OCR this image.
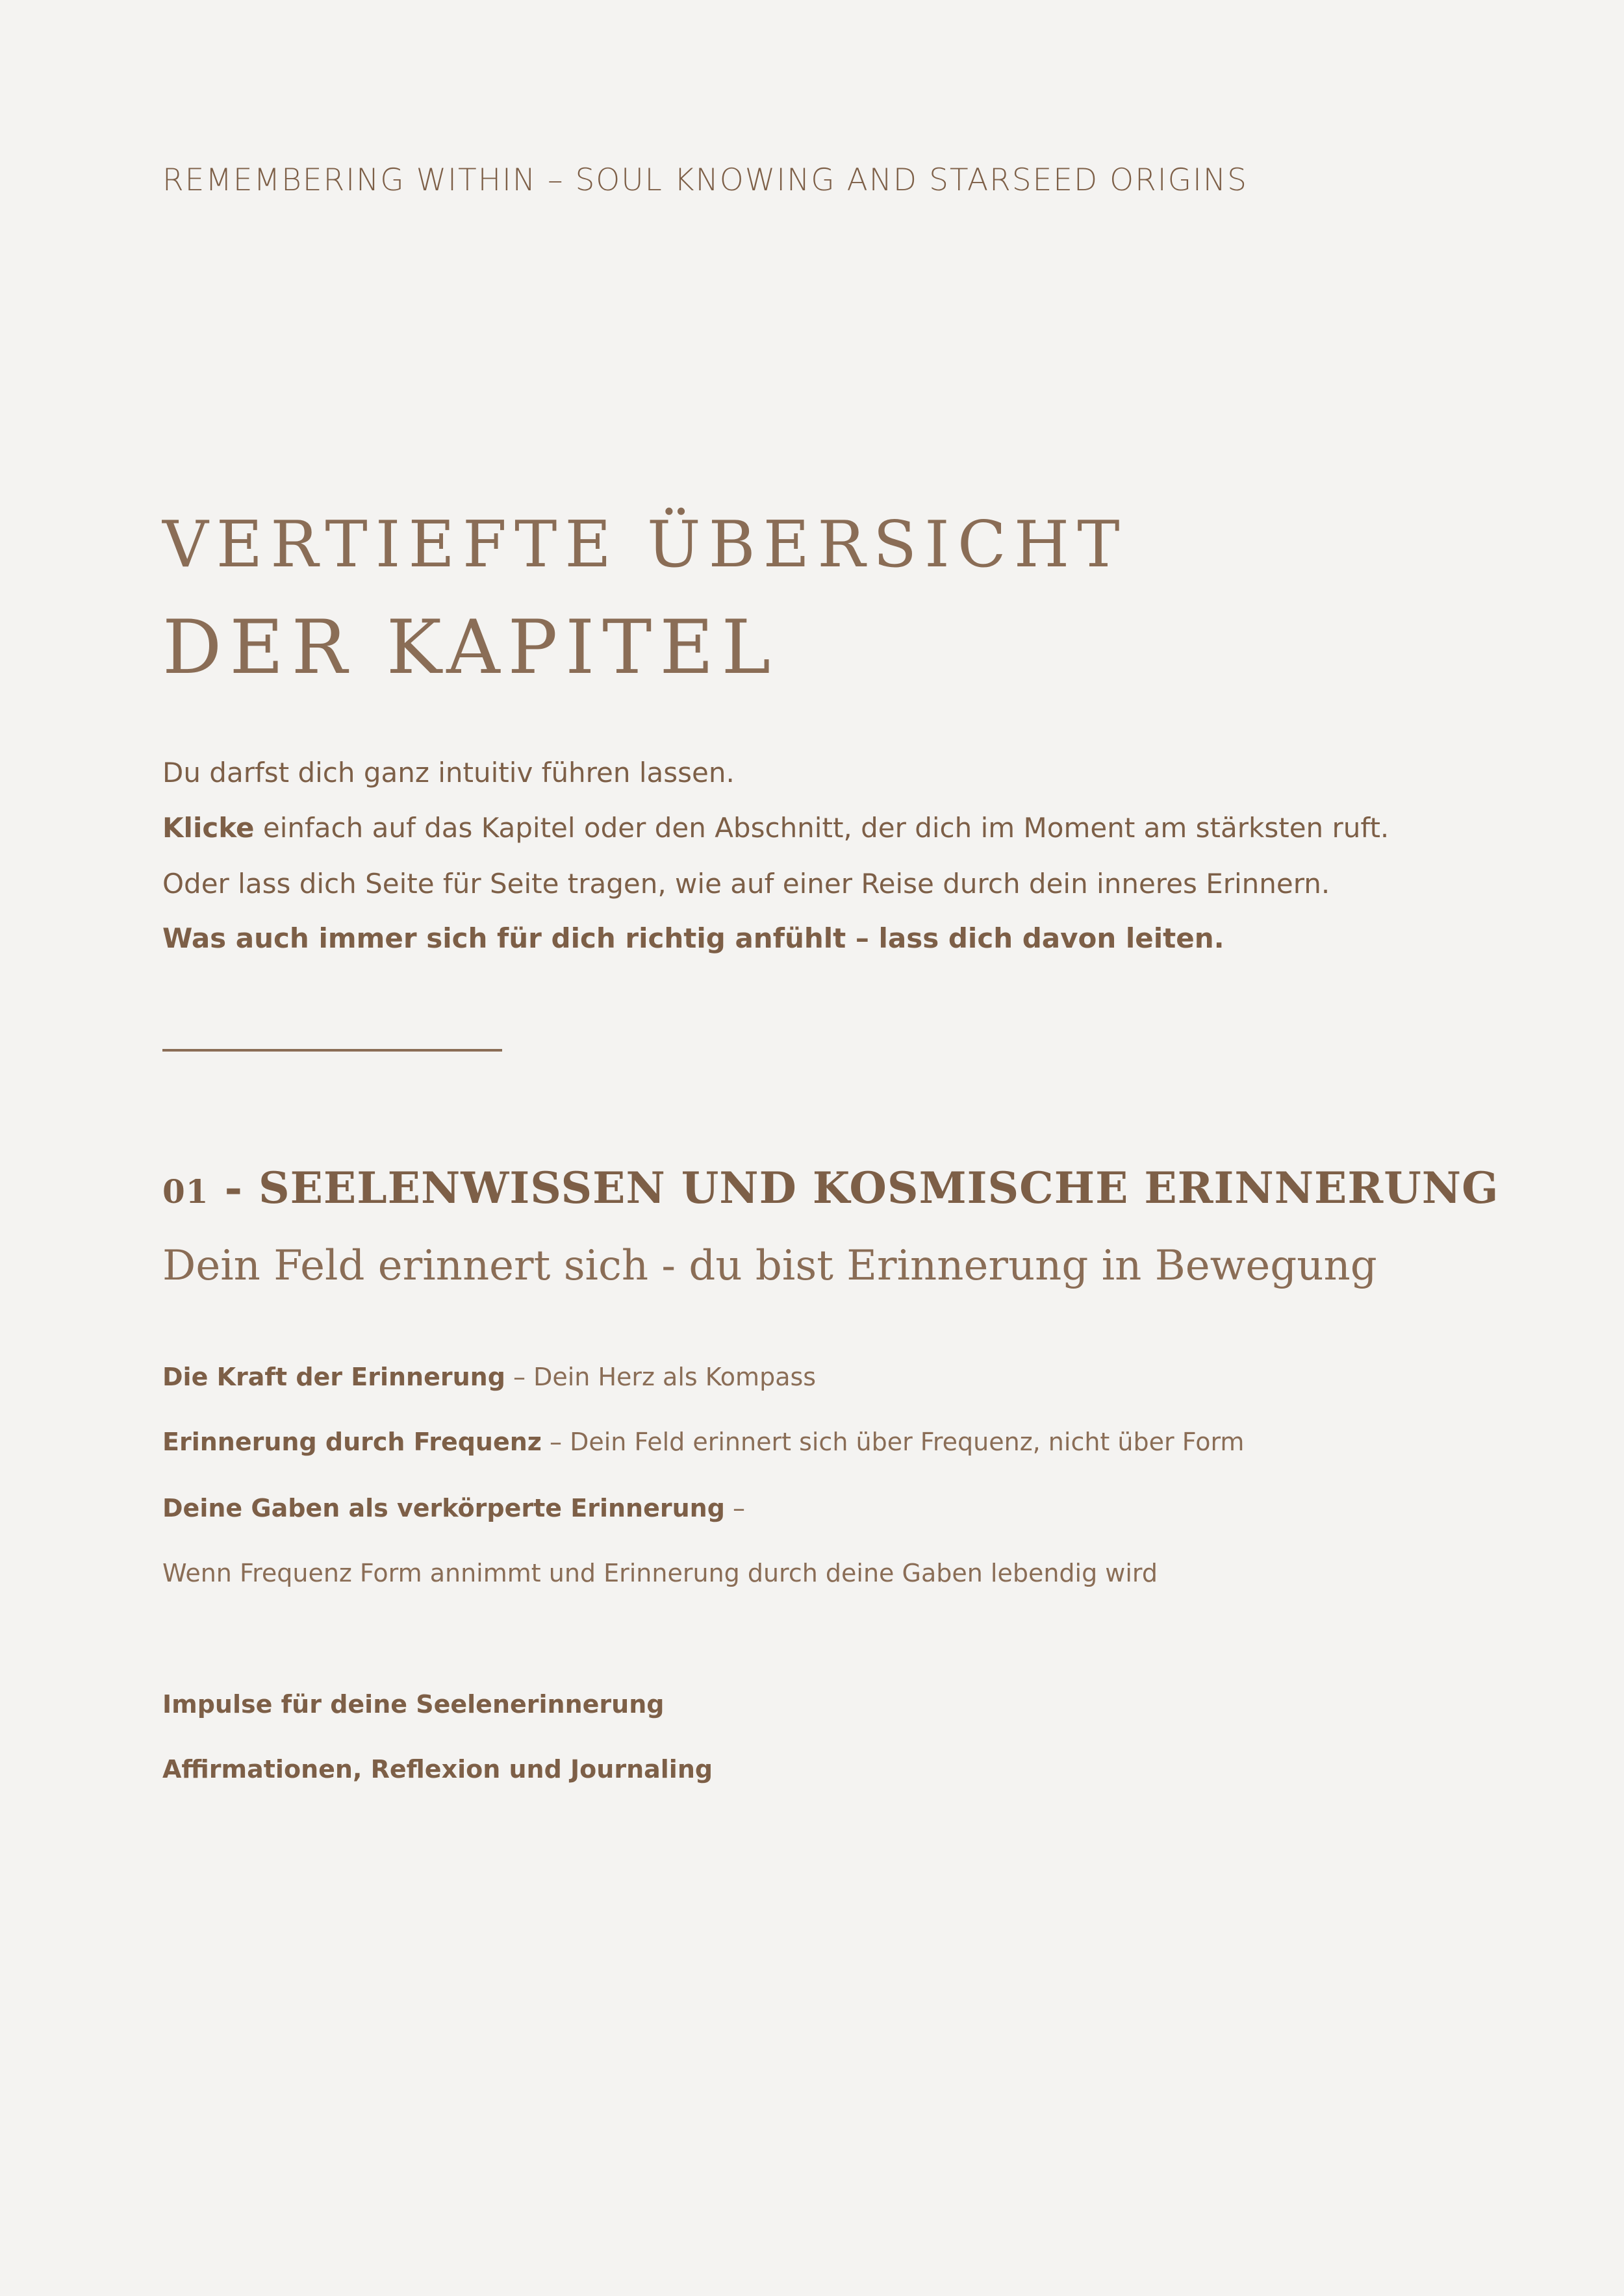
REMEMBERING WITHIN – SOUL KNOWING AND STARSEED ORIGINS
VERTIEFTE ÜBERSICHT
DER KAPITEL

Du darfst dich ganz intuitiv führen lassen.

Klicke einfach auf das Kapitel oder den Abschnitt, der dich im Moment am stärksten ruft.

Oder lass dich Seite für Seite tragen, wie auf einer Reise durch dein inneres Erinnern.

Was auch immer sich für dich richtig anfühlt – lass dich davon leiten.

01 - SEELENWISSEN UND KOSMISCHE ERINNERUNG
Dein Feld erinnert sich - du bist Erinnerung in Bewegung
Die Kraft der Erinnerung – Dein Herz als Kompass
Erinnerung durch Frequenz – Dein Feld erinnert sich über Frequenz, nicht über Form
Deine Gaben als verkörperte Erinnerung –
Wenn Frequenz Form annimmt und Erinnerung durch deine Gaben lebendig wird
Impulse für deine Seelenerinnerung
Affirmationen, Reflexion und Journaling
